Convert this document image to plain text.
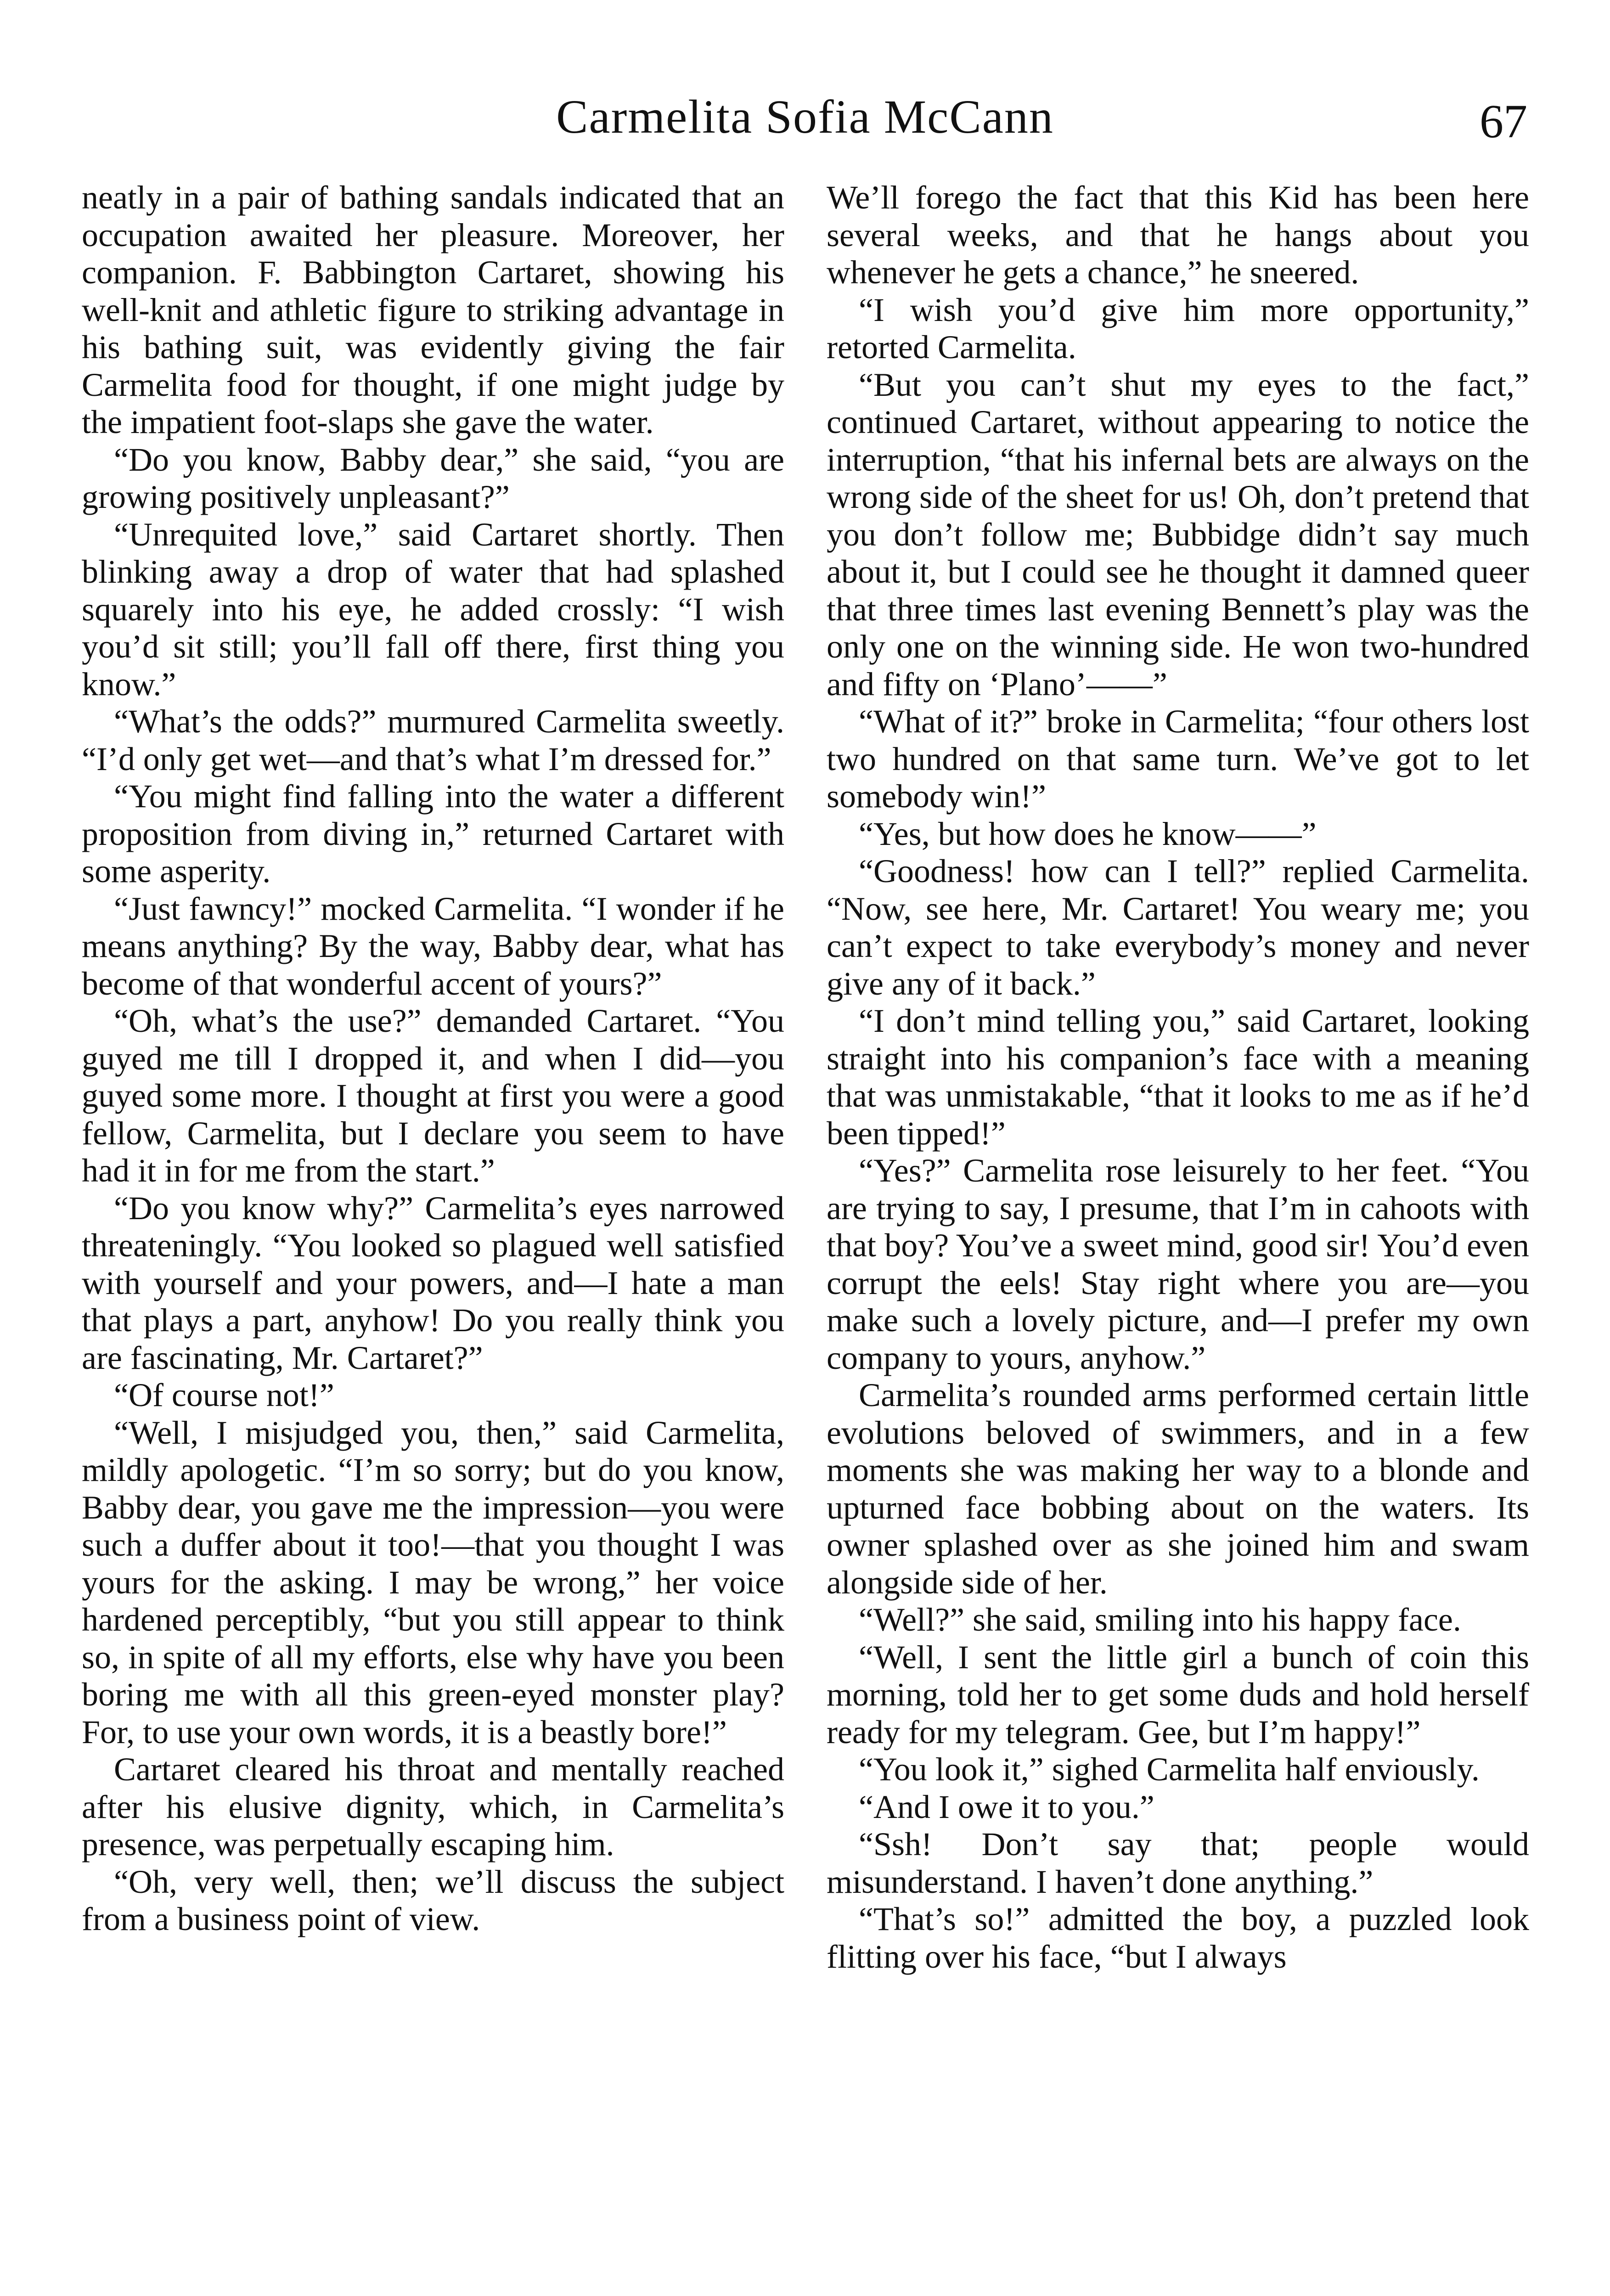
Carmelita Sofia McCann	67

neatly in a pair of bathing sandals indicated that an occupation awaited her pleasure. Moreover, her companion. F. Babbington Cartaret, showing his well-knit and athletic figure to striking advantage in his bathing suit, was evidently giving the fair Carmelita food for thought, if one might judge by the impatient foot-slaps she gave the water.

“Do you know, Babby dear,” she said, “you are growing positively unpleasant?”

“Unrequited love,” said Cartaret shortly. Then blinking away a drop of water that had splashed squarely into his eye, he added crossly: “I wish you’d sit still; you’ll fall off there, first thing you know.”

“What’s the odds?” murmured Carmelita sweetly. “I’d only get wet—and that’s what I’m dressed for.”

“You might find falling into the water a different proposition from diving in,” returned Cartaret with some asperity.

“Just fawncy!” mocked Carmelita. “I wonder if he means anything? By the way, Babby dear, what has become of that wonderful accent of yours?”

“Oh, what’s the use?” demanded Cartaret. “You guyed me till I dropped it, and when I did—you guyed some more. I thought at first you were a good fellow, Carmelita, but I declare you seem to have had it in for me from the start.”

“Do you know why?” Carmelita’s eyes narrowed threateningly. “You looked so plagued well satisfied with yourself and your powers, and—I hate a man that plays a part, anyhow! Do you really think you are fascinating, Mr. Cartaret?”

“Of course not!”

“Well, I misjudged you, then,” said Carmelita, mildly apologetic. “I’m so sorry; but do you know, Babby dear, you gave me the impression—you were such a duffer about it too!—that you thought I was yours for the asking. I may be wrong,” her voice hardened perceptibly, “but you still appear to think so, in spite of all my efforts, else why have you been boring me with all this green-eyed monster play? For, to use your own words, it is a beastly bore!”

Cartaret cleared his throat and mentally reached after his elusive dignity, which, in Carmelita’s presence, was perpetually escaping him.

“Oh, very well, then; we’ll discuss the subject from a business point of view.

We’ll forego the fact that this Kid has been here several weeks, and that he hangs about you whenever he gets a chance,” he sneered.

“I wish you’d give him more opportunity,” retorted Carmelita.

“But you can’t shut my eyes to the fact,” continued Cartaret, without appearing to notice the interruption, “that his infernal bets are always on the wrong side of the sheet for us! Oh, don’t pretend that you don’t follow me; Bubbidge didn’t say much about it, but I could see he thought it damned queer that three times last evening Bennett’s play was the only one on the winning side. He won two-hundred and fifty on ‘Plano’——”

“What of it?” broke in Carmelita; “four others lost two hundred on that same turn. We’ve got to let somebody win!”

“Yes, but how does he know——”

“Goodness! how can I tell?” replied Carmelita. “Now, see here, Mr. Cartaret! You weary me; you can’t expect to take everybody’s money and never give any of it back.”

“I don’t mind telling you,” said Cartaret, looking straight into his companion’s face with a meaning that was unmistakable, “that it looks to me as if he’d been tipped!”

“Yes?” Carmelita rose leisurely to her feet. “You are trying to say, I presume, that I’m in cahoots with that boy? You’ve a sweet mind, good sir! You’d even corrupt the eels! Stay right where you are—you make such a lovely picture, and—I prefer my own company to yours, anyhow.”

Carmelita’s rounded arms performed certain little evolutions beloved of swimmers, and in a few moments she was making her way to a blonde and upturned face bobbing about on the waters. Its owner splashed over as she joined him and swam alongside side of her.

“Well?” she said, smiling into his happy face.

“Well, I sent the little girl a bunch of coin this morning, told her to get some duds and hold herself ready for my telegram. Gee, but I’m happy!”

“You look it,” sighed Carmelita half enviously.

“And I owe it to you.”

“Ssh! Don’t say that; people would misunderstand. I haven’t done anything.”

“That’s so!” admitted the boy, a puzzled look flitting over his face, “but I always
